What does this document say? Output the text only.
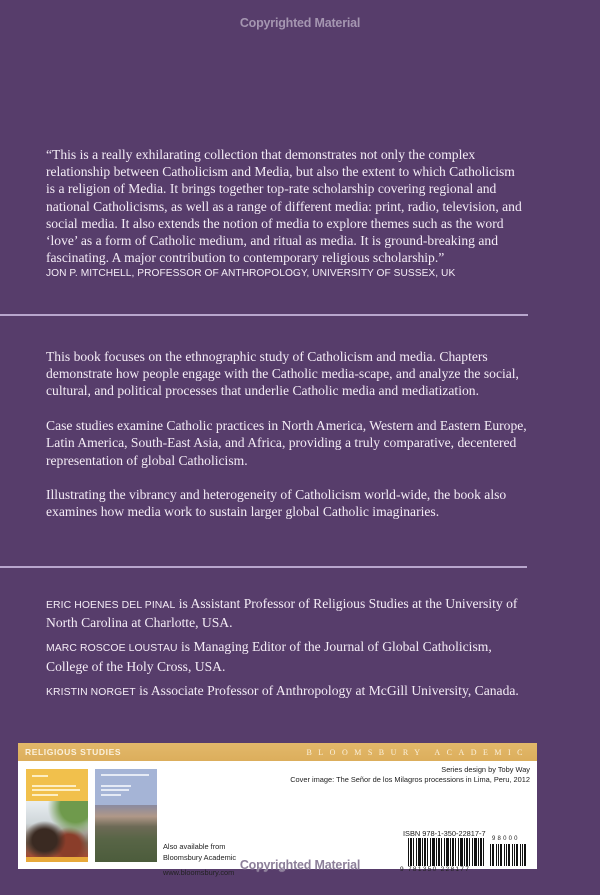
Copyrighted Material
“This is a really exhilarating collection that demonstrates not only the complex relationship between Catholicism and Media, but also the extent to which Catholicism is a religion of Media. It brings together top-rate scholarship covering regional and national Catholicisms, as well as a range of different media: print, radio, television, and social media. It also extends the notion of media to explore themes such as the word ‘love’ as a form of Catholic medium, and ritual as media. It is ground-breaking and fascinating. A major contribution to contemporary religious scholarship.”
JON P. MITCHELL, PROFESSOR OF ANTHROPOLOGY, UNIVERSITY OF SUSSEX, UK

This book focuses on the ethnographic study of Catholicism and media. Chapters demonstrate how people engage with the Catholic media-scape, and analyze the social, cultural, and political processes that underlie Catholic media and mediatization.

Case studies examine Catholic practices in North America, Western and Eastern Europe, Latin America, South-East Asia, and Africa, providing a truly comparative, decentered representation of global Catholicism.

Illustrating the vibrancy and heterogeneity of Catholicism world-wide, the book also examines how media work to sustain larger global Catholic imaginaries.

ERIC HOENES DEL PINAL is Assistant Professor of Religious Studies at the University of North Carolina at Charlotte, USA.

MARC ROSCOE LOUSTAU is Managing Editor of the Journal of Global Catholicism, College of the Holy Cross, USA.

KRISTIN NORGET is Associate Professor of Anthropology at McGill University, Canada.

RELIGIOUS STUDIES	BLOOMSBURY ACADEMIC
Also available from
Bloomsbury Academic
www.bloomsbury.com
Series design by Toby Way
Cover image: The Señor de los Milagros processions in Lima, Peru, 2012
ISBN 978-1-350-22817-7
98000
9 781350 228177
Copyrighted Material
